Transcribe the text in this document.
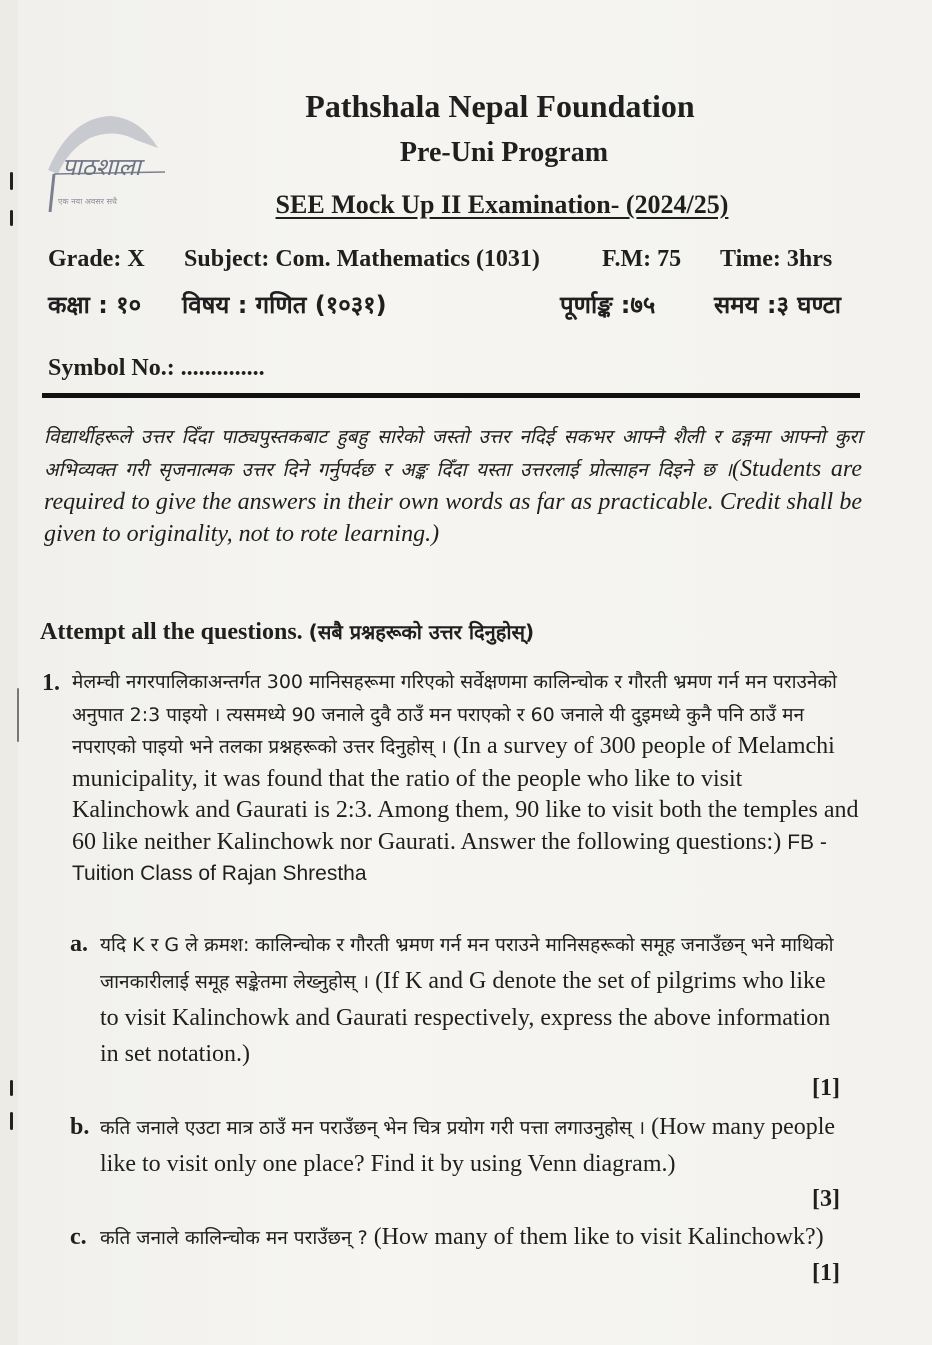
पाठशाला
एक नया अवसर सधै
Pathshala Nepal Foundation
Pre-Uni Program
SEE Mock Up II Examination- (2024/25)
Grade: X Subject: Com. Mathematics (1031)	F.M: 75 Time: 3hrs
कक्षा : १० विषय : गणित (१०३१)	पूर्णाङ्क :७५ समय :३ घण्टा
Symbol No.: ..............
विद्यार्थीहरूले उत्तर दिँदा पाठ्यपुस्तकबाट हुबहु सारेको जस्तो उत्तर नदिई सकभर आफ्नै शैली र ढङ्गमा आफ्नो कुरा अभिव्यक्त गरी सृजनात्मक उत्तर दिने गर्नुपर्दछ र अङ्क दिँदा यस्ता उत्तरलाई प्रोत्साहन दिइने छ ।(Students are required to give the answers in their own words as far as practicable. Credit shall be given to originality, not to rote learning.)
Attempt all the questions. (सबै प्रश्नहरूको उत्तर दिनुहोस्)
1. मेलम्ची नगरपालिकाअन्तर्गत 300 मानिसहरूमा गरिएको सर्वेक्षणमा कालिन्चोक र गौरती भ्रमण गर्न मन पराउनेको अनुपात 2:3 पाइयो । त्यसमध्ये 90 जनाले दुवै ठाउँ मन पराएको र 60 जनाले यी दुइमध्ये कुनै पनि ठाउँ मन नपराएको पाइयो भने तलका प्रश्नहरूको उत्तर दिनुहोस् । (In a survey of 300 people of Melamchi municipality, it was found that the ratio of the people who like to visit Kalinchowk and Gaurati is 2:3. Among them, 90 like to visit both the temples and 60 like neither Kalinchowk nor Gaurati. Answer the following questions:) FB - Tuition Class of Rajan Shrestha
a. यदि K र G ले क्रमश: कालिन्चोक र गौरती भ्रमण गर्न मन पराउने मानिसहरूको समूह जनाउँछन् भने माथिको जानकारीलाई समूह सङ्केतमा लेख्नुहोस् । (If K and G denote the set of pilgrims who like to visit Kalinchowk and Gaurati respectively, express the above information in set notation.)
[1]
b. कति जनाले एउटा मात्र ठाउँ मन पराउँछन् भेन चित्र प्रयोग गरी पत्ता लगाउनुहोस् । (How many people like to visit only one place? Find it by using Venn diagram.)
[3]
c. कति जनाले कालिन्चोक मन पराउँछन् ? (How many of them like to visit Kalinchowk?)
[1]
